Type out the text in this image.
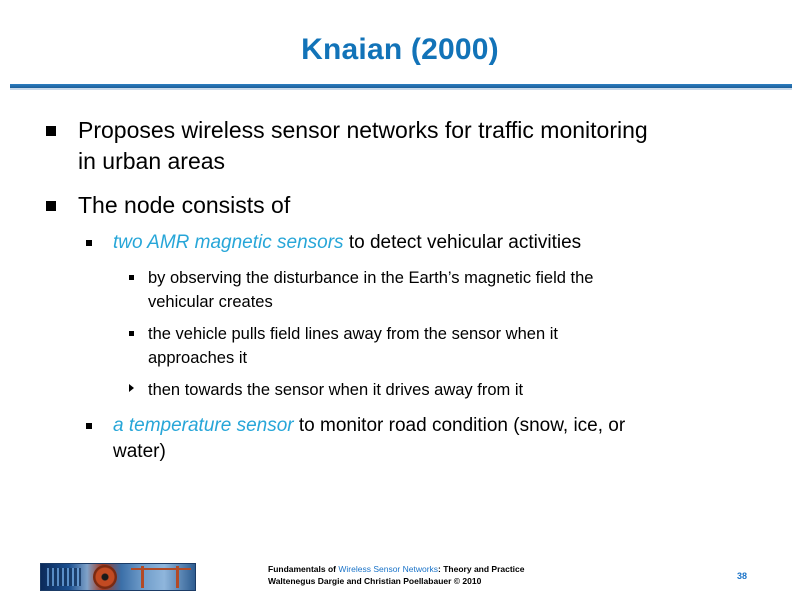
Knaian (2000)
Proposes wireless sensor networks for traffic monitoring
in urban areas
The node consists of
two AMR magnetic sensors to detect vehicular activities
by observing the disturbance in the Earth’s magnetic field the
vehicular creates
the vehicle pulls field lines away from the sensor when it
approaches it
then towards the sensor when it drives away from it
a temperature sensor to monitor road condition (snow, ice, or
water)
Fundamentals of Wireless Sensor Networks: Theory and Practice
Waltenegus Dargie and Christian Poellabauer © 2010	38
